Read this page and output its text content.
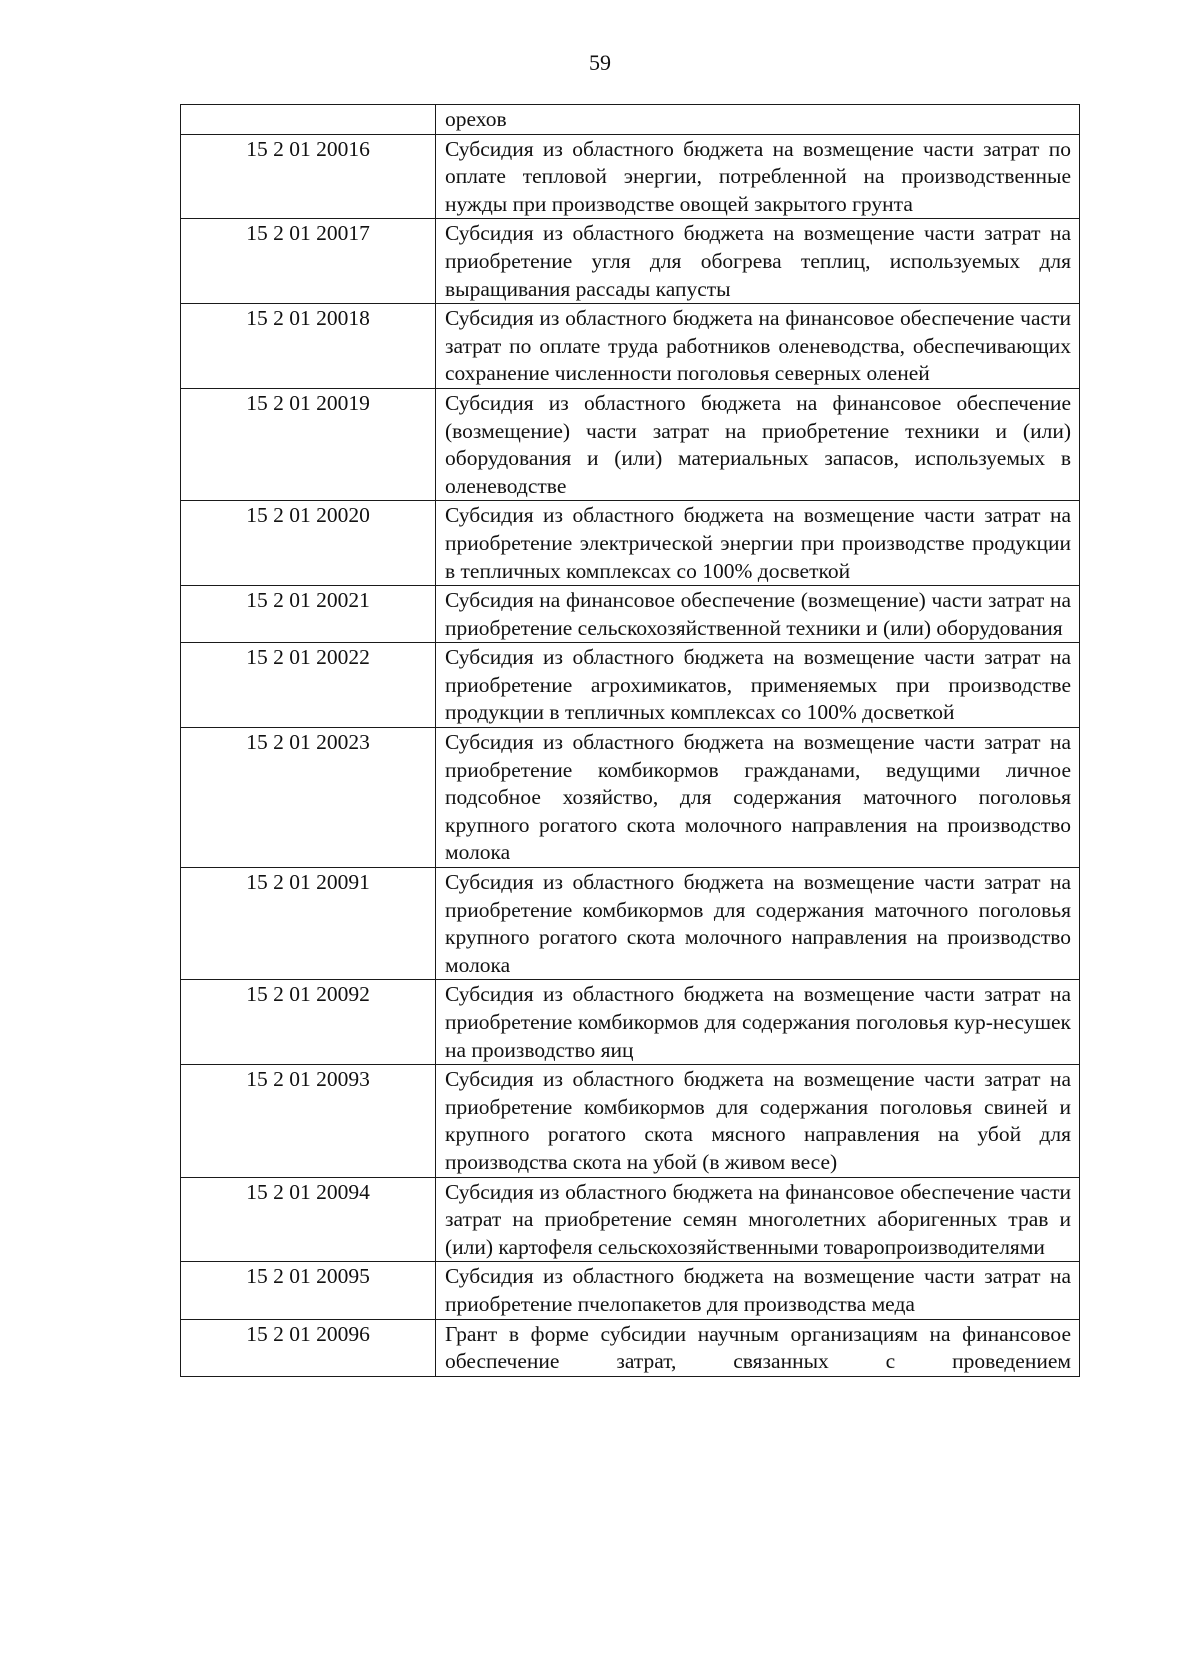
59
	орехов
15 2 01 20016	Субсидия из областного бюджета на возмещение части затрат по оплате тепловой энергии, потребленной на производственные нужды при производстве овощей закрытого грунта
15 2 01 20017	Субсидия из областного бюджета на возмещение части затрат на приобретение угля для обогрева теплиц, используемых для выращивания рассады капусты
15 2 01 20018	Субсидия из областного бюджета на финансовое обеспечение части затрат по оплате труда работников оленеводства, обеспечивающих сохранение численности поголовья северных оленей
15 2 01 20019	Субсидия из областного бюджета на финансовое обеспечение (возмещение) части затрат на приобретение техники и (или) оборудования и (или) материальных запасов, используемых в оленеводстве
15 2 01 20020	Субсидия из областного бюджета на возмещение части затрат на приобретение электрической энергии при производстве продукции в тепличных комплексах со 100% досветкой
15 2 01 20021	Субсидия на финансовое обеспечение (возмещение) части затрат на приобретение сельскохозяйственной техники и (или) оборудования
15 2 01 20022	Субсидия из областного бюджета на возмещение части затрат на приобретение агрохимикатов, применяемых при производстве продукции в тепличных комплексах со 100% досветкой
15 2 01 20023	Субсидия из областного бюджета на возмещение части затрат на приобретение комбикормов гражданами, ведущими личное подсобное хозяйство, для содержания маточного поголовья крупного рогатого скота молочного направления на производство молока
15 2 01 20091	Субсидия из областного бюджета на возмещение части затрат на приобретение комбикормов для содержания маточного поголовья крупного рогатого скота молочного направления на производство молока
15 2 01 20092	Субсидия из областного бюджета на возмещение части затрат на приобретение комбикормов для содержания поголовья кур-несушек на производство яиц
15 2 01 20093	Субсидия из областного бюджета на возмещение части затрат на приобретение комбикормов для содержания поголовья свиней и крупного рогатого скота мясного направления на убой для производства скота на убой (в живом весе)
15 2 01 20094	Субсидия из областного бюджета на финансовое обеспечение части затрат на приобретение семян многолетних аборигенных трав и (или) картофеля сельскохозяйственными товаропроизводителями
15 2 01 20095	Субсидия из областного бюджета на возмещение части затрат на приобретение пчелопакетов для производства меда
15 2 01 20096	Грант в форме субсидии научным организациям на финансовое обеспечение затрат, связанных с проведением
